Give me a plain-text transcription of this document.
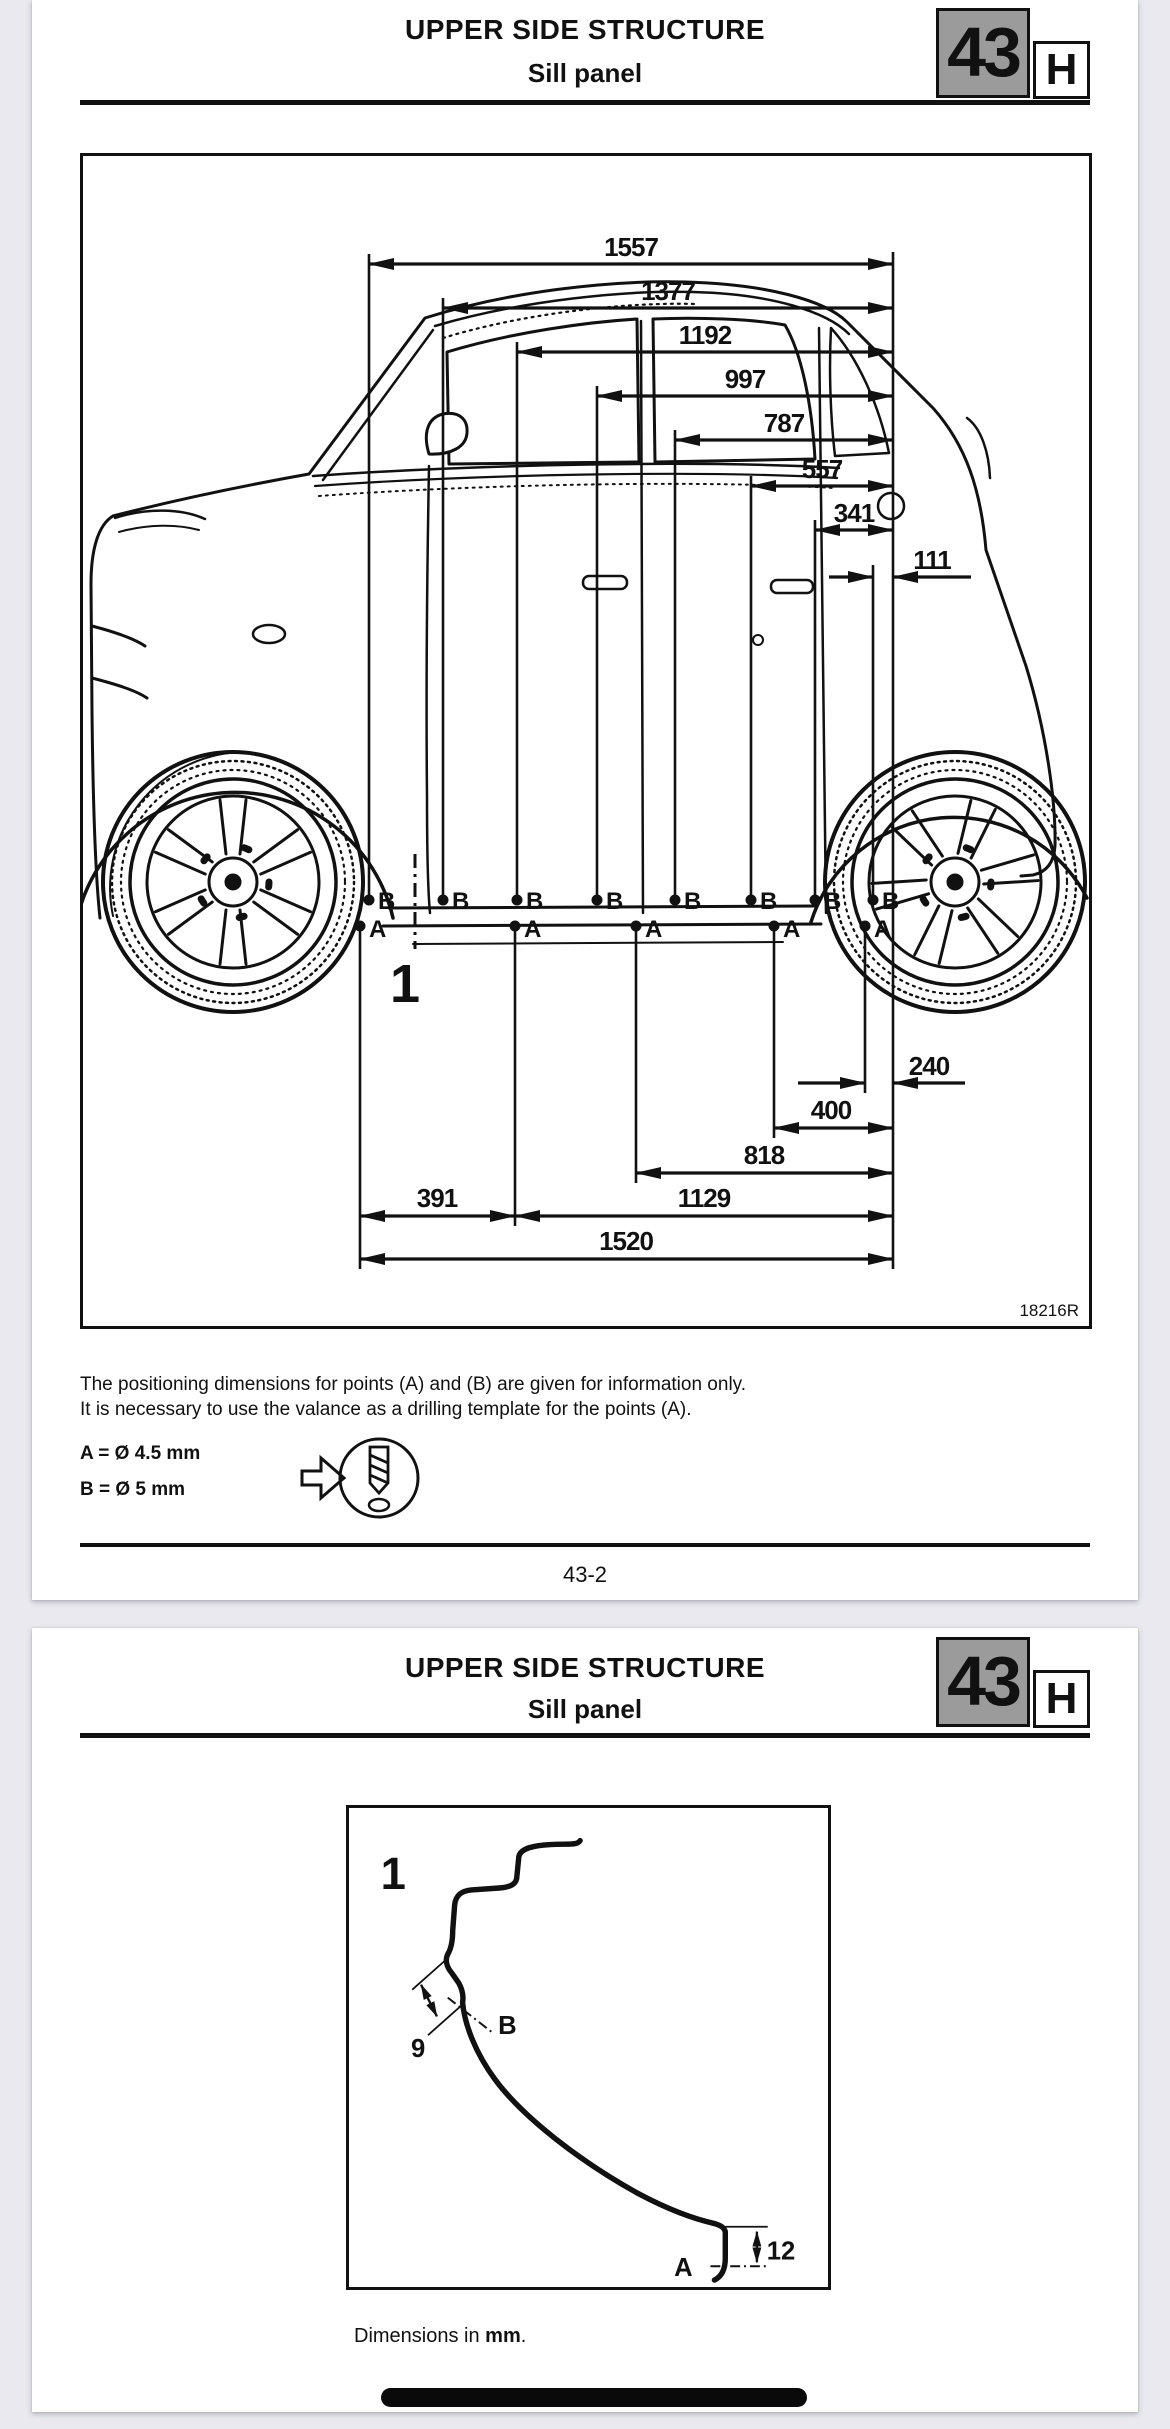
UPPER SIDE STRUCTURE
Sill panel	43 H
1557
1377
1192
997
787
557
341
111
240
400
818
391	1129
1520
B B B	B	B B B B
A	A	A	A	A
1
18216R
The positioning dimensions for points (A) and (B) are given for information only.
It is necessary to use the valance as a drilling template for the points (A).
A = Ø 4.5 mm
B = Ø 5 mm
43-2
UPPER SIDE STRUCTURE
Sill panel	43 H
1
9
B
A
12
Dimensions in mm.
